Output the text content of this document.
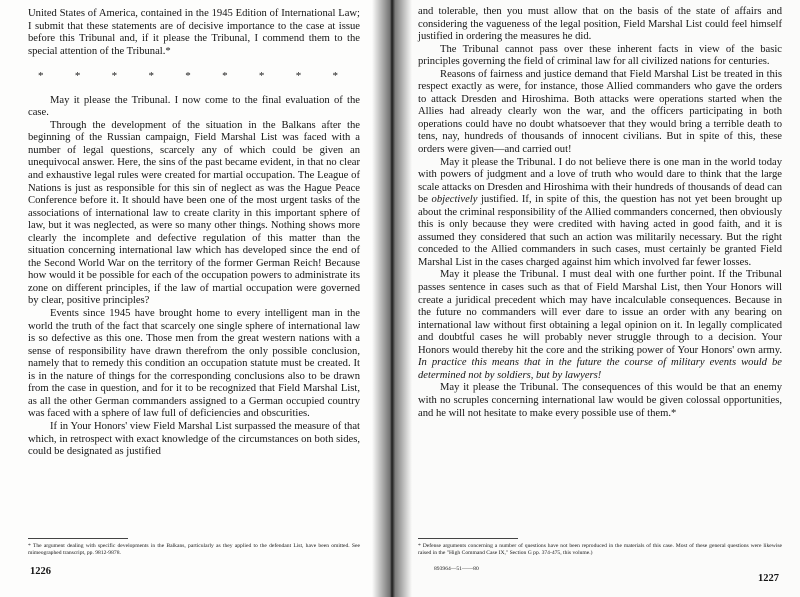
United States of America, contained in the 1945 Edition of International Law; I submit that these statements are of decisive importance to the case at issue before this Tribunal and, if it please the Tribunal, I commend them to the special attention of the Tribunal.*

*	*	*	*	*	*	*	*	*

May it please the Tribunal. I now come to the final evaluation of the case.

Through the development of the situation in the Balkans after the beginning of the Russian campaign, Field Marshal List was faced with a number of legal questions, scarcely any of which could be given an unequivocal answer. Here, the sins of the past became evident, in that no clear and exhaustive legal rules were created for martial occupation. The League of Nations is just as responsible for this sin of neglect as was the Hague Peace Conference before it. It should have been one of the most urgent tasks of the associations of international law to create clarity in this important sphere of law, but it was neglected, as were so many other things. Nothing shows more clearly the incomplete and defective regulation of this matter than the situation concerning international law which has developed since the end of the Second World War on the territory of the former German Reich! Because how would it be possible for each of the occupation powers to administrate its zone on different principles, if the law of martial occupation were governed by clear, positive principles?

Events since 1945 have brought home to every intelligent man in the world the truth of the fact that scarcely one single sphere of international law is so defective as this one. Those men from the great western nations with a sense of responsibility have drawn therefrom the only possible conclusion, namely that to remedy this condition an occupation statute must be created. It is in the nature of things for the corresponding conclusions also to be drawn from the case in question, and for it to be recognized that Field Marshal List, as all the other German commanders assigned to a German occupied country was faced with a sphere of law full of deficiencies and obscurities.

If in Your Honors' view Field Marshal List surpassed the measure of that which, in retrospect with exact knowledge of the circumstances on both sides, could be designated as justified

* The argument dealing with specific developments in the Balkans, particularly as they applied to the defendant List, have been omitted. See mimeographed transcript, pp. 9812-9878.

1226

and tolerable, then you must allow that on the basis of the state of affairs and considering the vagueness of the legal position, Field Marshal List could feel himself justified in ordering the measures he did.

The Tribunal cannot pass over these inherent facts in view of the basic principles governing the field of criminal law for all civilized nations for centuries.

Reasons of fairness and justice demand that Field Marshal List be treated in this respect exactly as were, for instance, those Allied commanders who gave the orders to attack Dresden and Hiroshima. Both attacks were operations started when the Allies had already clearly won the war, and the officers participating in both operations could have no doubt whatsoever that they would bring a terrible death to tens, nay, hundreds of thousands of innocent civilians. But in spite of this, these orders were given—and carried out!

May it please the Tribunal. I do not believe there is one man in the world today with powers of judgment and a love of truth who would dare to think that the large scale attacks on Dresden and Hiroshima with their hundreds of thousands of dead can be objectively justified. If, in spite of this, the question has not yet been brought up about the criminal responsibility of the Allied commanders concerned, then obviously this is only because they were credited with having acted in good faith, and it is assumed they considered that such an action was militarily necessary. But the right conceded to the Allied commanders in such cases, must certainly be granted Field Marshal List in the cases charged against him which involved far fewer losses.

May it please the Tribunal. I must deal with one further point. If the Tribunal passes sentence in cases such as that of Field Marshal List, then Your Honors will create a juridical precedent which may have incalculable consequences. Because in the future no commanders will ever dare to issue an order with any bearing on international law without first obtaining a legal opinion on it. In legally complicated and doubtful cases he will probably never struggle through to a decision. Your Honors would thereby hit the core and the striking power of Your Honors' own army. In practice this means that in the future the course of military events would be determined not by soldiers, but by lawyers!

May it please the Tribunal. The consequences of this would be that an enemy with no scruples concerning international law would be given colossal opportunities, and he will not hesitate to make every possible use of them.*

* Defense arguments concerning a number of questions have not been reproduced in the materials of this case. Most of these general questions were likewise raised in the "High Command Case IX," Section G pp. 374-475, this volume.)

893964—51——80
1227
